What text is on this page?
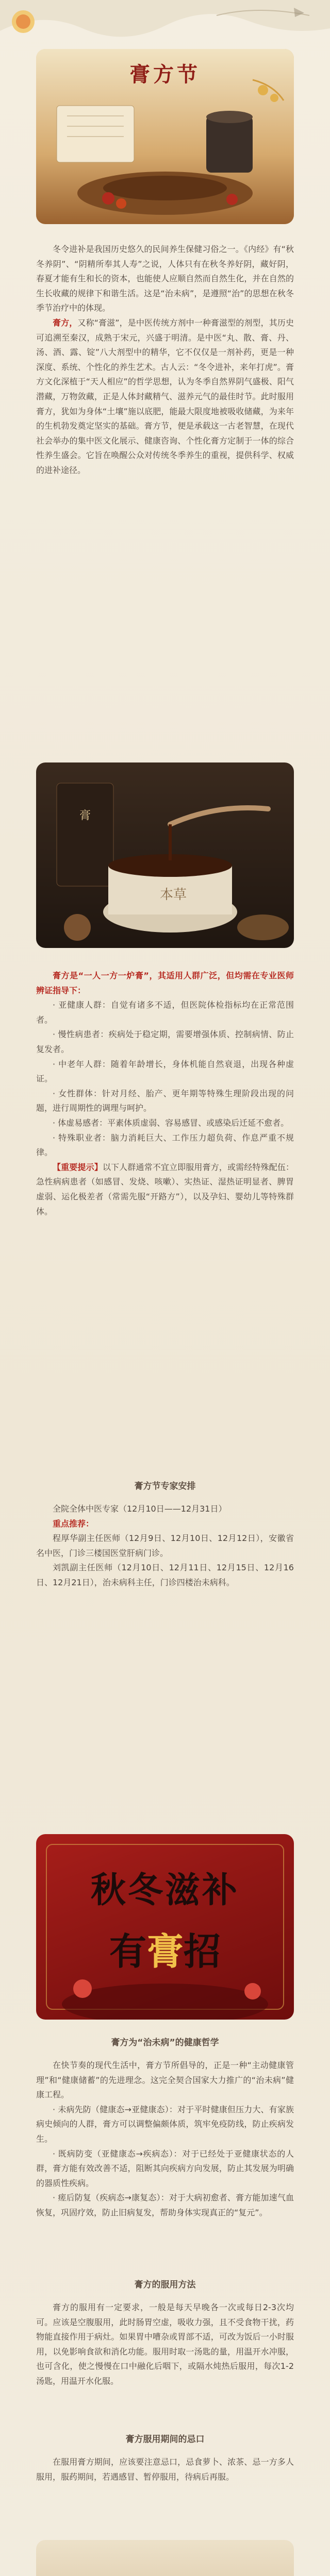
膏方节

冬令进补是我国历史悠久的民间养生保健习俗之一。《内经》有“秋冬养阴”、“阴精所奉其人寿”之说，人体只有在秋冬养好阴，藏好阴，春夏才能有生和长的资本，也能使人应顺自然而自然生化，并在自然的生长收藏的规律下和谐生活。这是“治未病”，是遵照“治”的思想在秋冬季节治疗中的体现。

膏方，又称“膏滋”，是中医传统方剂中一种膏滋型的剂型，其历史可追溯至秦汉，成熟于宋元，兴盛于明清。是中医“丸、散、膏、丹、汤、酒、露、锭”八大剂型中的精华，它不仅仅是一剂补药，更是一种深度、系统、个性化的养生艺术。古人云：“冬令进补，来年打虎”。膏方文化深植于“天人相应”的哲学思想，认为冬季自然界阴气盛极、阳气潜藏，万物敛藏，正是人体封藏精气、滋养元气的最佳时节。此时服用膏方，犹如为身体“土壤”施以底肥，能最大限度地被吸收储藏，为来年的生机勃发奠定坚实的基础。膏方节，便是承载这一古老智慧，在现代社会举办的集中医文化展示、健康咨询、个性化膏方定制于一体的综合性养生盛会。它旨在唤醒公众对传统冬季养生的重视，提供科学、权威的进补途径。

膏
本草

膏方是“一人一方一炉膏”，其适用人群广泛，但均需在专业医师辨证指导下：

· 亚健康人群：自觉有诸多不适，但医院体检指标均在正常范围者。

· 慢性病患者：疾病处于稳定期，需要增强体质、控制病情、防止复发者。

· 中老年人群：随着年龄增长，身体机能自然衰退，出现各种虚证。

· 女性群体：针对月经、胎产、更年期等特殊生理阶段出现的问题，进行周期性的调理与呵护。

· 体虚易感者：平素体质虚弱、容易感冒、或感染后迁延不愈者。

· 特殊职业者：脑力消耗巨大、工作压力超负荷、作息严重不规律。

【重要提示】以下人群通常不宜立即服用膏方，或需经特殊配伍：急性病病患者（如感冒、发烧、咳嗽）、实热证、湿热证明显者、脾胃虚弱、运化极差者（常需先服“开路方”），以及孕妇、婴幼儿等特殊群体。

膏方节专家安排

全院全体中医专家（12月10日——12月31日）

重点推荐：

程厚华副主任医师（12月9日、12月10日、12月12日），安徽省名中医，门诊三楼国医堂肝病门诊。

刘凯副主任医师（12月10日、12月11日、12月15日、12月16日、12月21日），治未病科主任，门诊四楼治未病科。

秋冬滋补
有膏招
膏方为“治未病”的健康哲学

在快节奏的现代生活中，膏方节所倡导的，正是一种“主动健康管理”和“健康储蓄”的先进理念。这完全契合国家大力推广的“治未病”健康工程。

· 未病先防（健康态→亚健康态）：对于平时健康但压力大、有家族病史倾向的人群，膏方可以调整偏颇体质，筑牢免疫防线，防止疾病发生。

· 既病防变（亚健康态→疾病态）：对于已经处于亚健康状态的人群，膏方能有效改善不适，阻断其向疾病方向发展，防止其发展为明确的器质性疾病。

· 瘥后防复（疾病态→康复态）：对于大病初愈者、膏方能加速气血恢复，巩固疗效，防止旧病复发，帮助身体实现真正的“复元”。

膏方的服用方法

膏方的服用有一定要求，一般是每天早晚各一次或每日2-3次均可。应该是空腹服用，此时肠胃空虚，吸收力强，且不受食物干扰，药物能直接作用于病灶。如果胃中嘈杂或胃部不适，可改为饭后一小时服用，以免影响食欲和消化功能。服用时取一汤匙的量，用温开水冲服，也可含化，使之慢慢在口中融化后咽下，或隔水炖热后服用，每次1-2汤匙，用温开水化服。

膏方服用期间的忌口

在服用膏方期间，应该要注意忌口，忌食萝卜、浓茶、忌一方多人服用，服药期间，若遇感冒、暂停服用，待病后再服。
